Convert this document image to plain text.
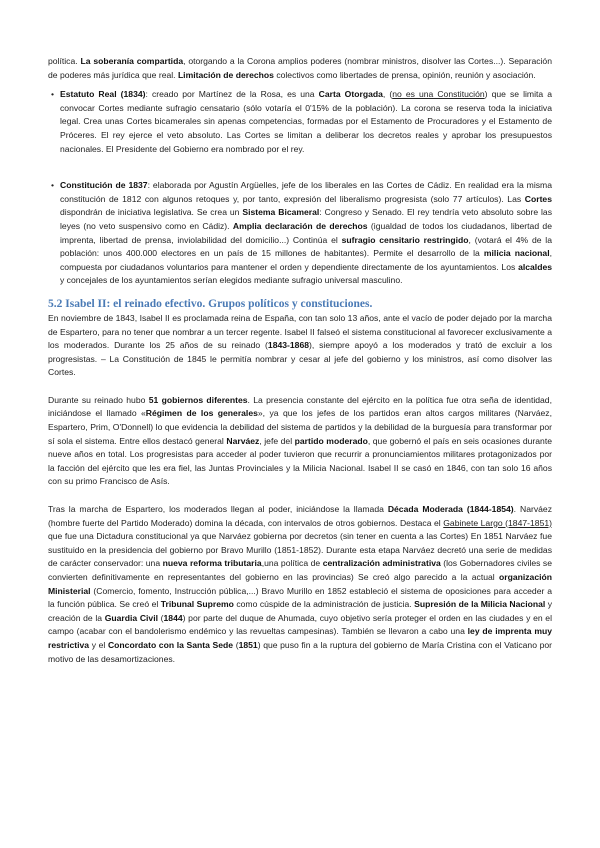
política. La soberanía compartida, otorgando a la Corona amplios poderes (nombrar ministros, disolver las Cortes...). Separación de poderes más jurídica que real. Limitación de derechos colectivos como libertades de prensa, opinión, reunión y asociación.

• Estatuto Real (1834): creado por Martínez de la Rosa, es una Carta Otorgada, (no es una Constitución) que se limita a convocar Cortes mediante sufragio censatario (sólo votaría el 0'15% de la población). La corona se reserva toda la iniciativa legal. Crea unas Cortes bicamerales sin apenas competencias, formadas por el Estamento de Procuradores y el Estamento de Próceres. El rey ejerce el veto absoluto. Las Cortes se limitan a deliberar los decretos reales y aprobar los presupuestos nacionales. El Presidente del Gobierno era nombrado por el rey.

• Constitución de 1837: elaborada por Agustín Argüelles, jefe de los liberales en las Cortes de Cádiz. En realidad era la misma constitución de 1812 con algunos retoques y, por tanto, expresión del liberalismo progresista (solo 77 artículos). Las Cortes dispondrán de iniciativa legislativa. Se crea un Sistema Bicameral: Congreso y Senado. El rey tendría veto absoluto sobre las leyes (no veto suspensivo como en Cádiz). Amplia declaración de derechos (igualdad de todos los ciudadanos, libertad de imprenta, libertad de prensa, inviolabilidad del domicilio...) Continúa el sufragio censitario restringido, (votará el 4% de la población: unos 400.000 electores en un país de 15 millones de habitantes). Permite el desarrollo de la milicia nacional, compuesta por ciudadanos voluntarios para mantener el orden y dependiente directamente de los ayuntamientos. Los alcaldes y concejales de los ayuntamientos serían elegidos mediante sufragio universal masculino.

5.2 Isabel II: el reinado efectivo. Grupos políticos y constituciones.

En noviembre de 1843, Isabel II es proclamada reina de España, con tan solo 13 años, ante el vacío de poder dejado por la marcha de Espartero, para no tener que nombrar a un tercer regente. Isabel II falseó el sistema constitucional al favorecer exclusivamente a los moderados. Durante los 25 años de su reinado (1843-1868), siempre apoyó a los moderados y trató de excluir a los progresistas. – La Constitución de 1845 le permitía nombrar y cesar al jefe del gobierno y los ministros, así como disolver las Cortes.

Durante su reinado hubo 51 gobiernos diferentes. La presencia constante del ejército en la política fue otra seña de identidad, iniciándose el llamado «Régimen de los generales», ya que los jefes de los partidos eran altos cargos militares (Narváez, Espartero, Prim, O'Donnell) lo que evidencia la debilidad del sistema de partidos y la debilidad de la burguesía para transformar por sí sola el sistema. Entre ellos destacó general Narváez, jefe del partido moderado, que gobernó el país en seis ocasiones durante nueve años en total. Los progresistas para acceder al poder tuvieron que recurrir a pronunciamientos militares protagonizados por la facción del ejército que les era fiel, las Juntas Provinciales y la Milicia Nacional. Isabel II se casó en 1846, con tan solo 16 años con su primo Francisco de Asís.

Tras la marcha de Espartero, los moderados llegan al poder, iniciándose la llamada Década Moderada (1844-1854). Narváez (hombre fuerte del Partido Moderado) domina la década, con intervalos de otros gobiernos. Destaca el Gabinete Largo (1847-1851) que fue una Dictadura constitucional ya que Narváez gobierna por decretos (sin tener en cuenta a las Cortes) En 1851 Narváez fue sustituido en la presidencia del gobierno por Bravo Murillo (1851-1852). Durante esta etapa Narváez decretó una serie de medidas de carácter conservador: una nueva reforma tributaria,una política de centralización administrativa (los Gobernadores civiles se convierten definitivamente en representantes del gobierno en las provincias) Se creó algo parecido a la actual organización Ministerial (Comercio, fomento, Instrucción pública,...) Bravo Murillo en 1852 estableció el sistema de oposiciones para acceder a la función pública. Se creó el Tribunal Supremo como cúspide de la administración de justicia. Supresión de la Milicia Nacional y creación de la Guardia Civil (1844) por parte del duque de Ahumada, cuyo objetivo sería proteger el orden en las ciudades y en el campo (acabar con el bandolerismo endémico y las revueltas campesinas). También se llevaron a cabo una ley de imprenta muy restrictiva y el Concordato con la Santa Sede (1851) que puso fin a la ruptura del gobierno de María Cristina con el Vaticano por motivo de las desamortizaciones.
